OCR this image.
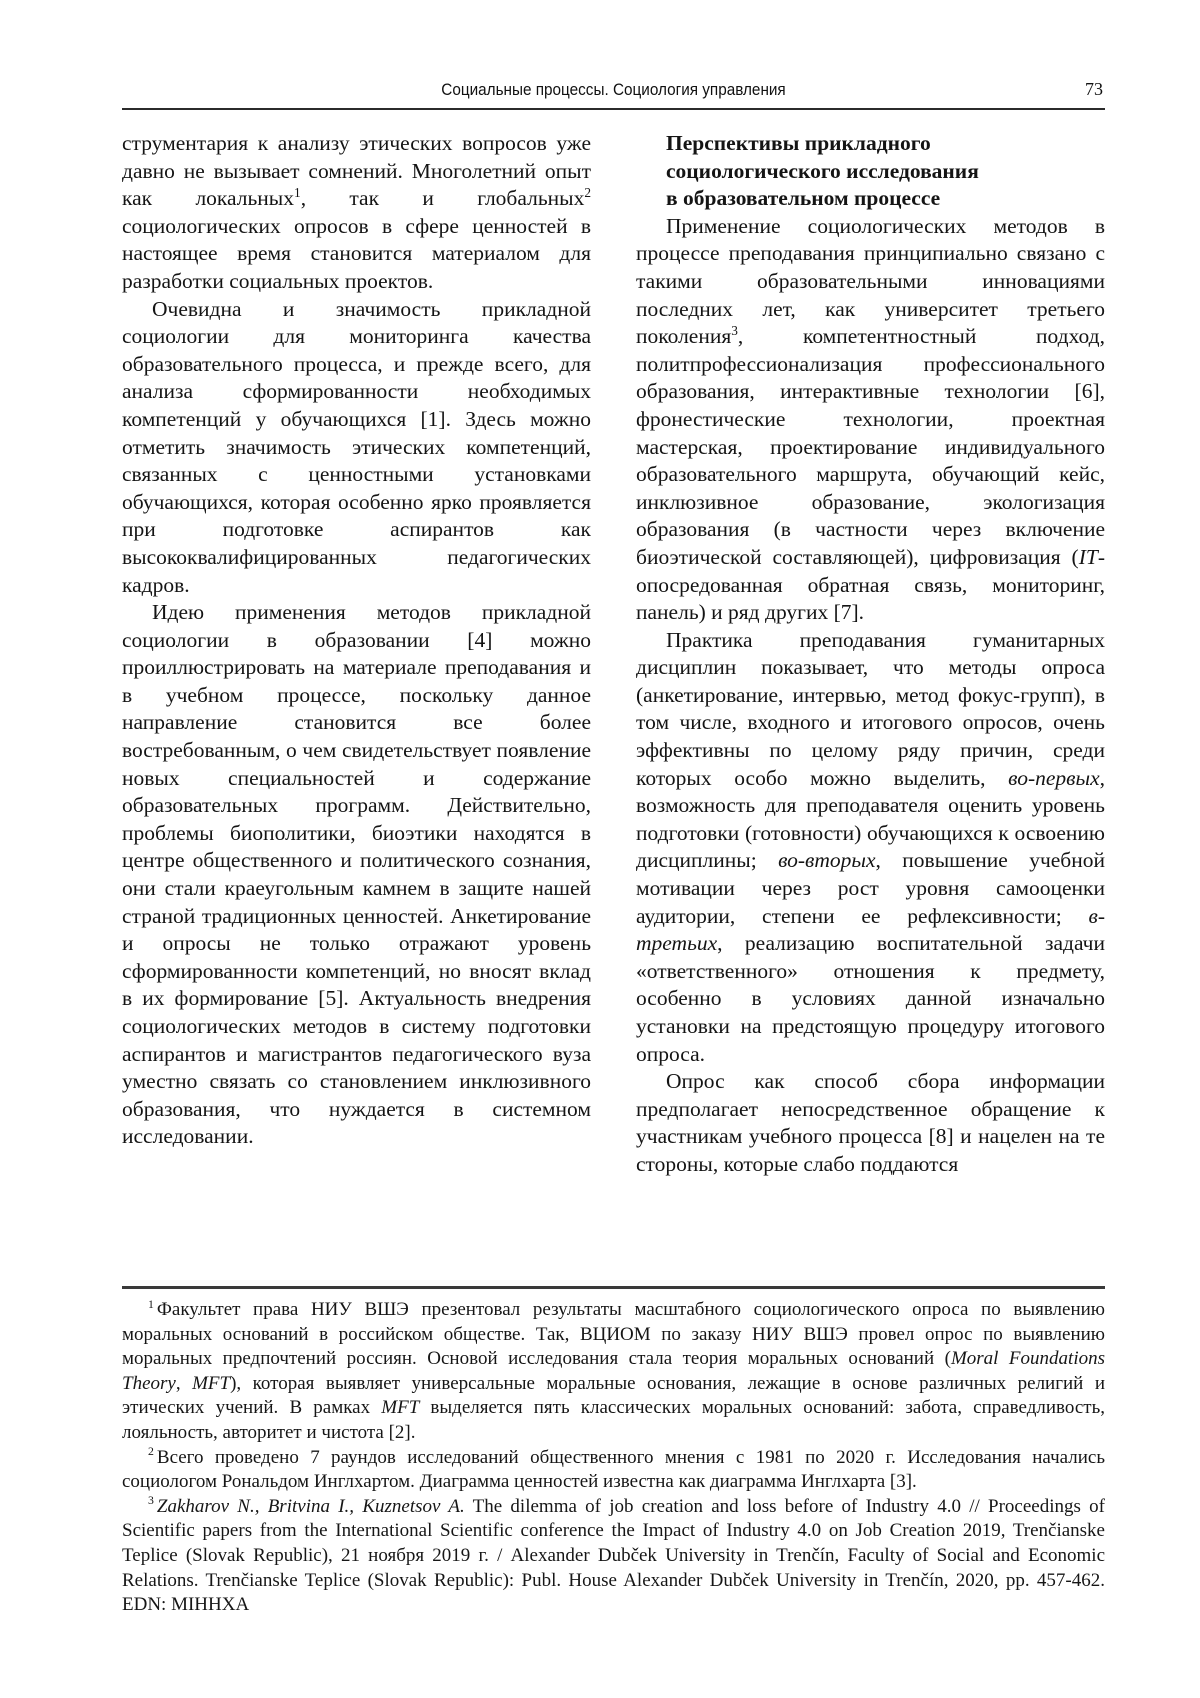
Социальные процессы. Социология управления	73

струментария к анализу этических вопросов уже давно не вызывает сомнений. Многолетний опыт как локальных$^1$, так и глобальных$^2$ социологических опросов в сфере ценностей в настоящее время становится материалом для разработки социальных проектов.

Очевидна и значимость прикладной социологии для мониторинга качества образовательного процесса, и прежде всего, для анализа сформированности необходимых компетенций у обучающихся [1]. Здесь можно отметить значимость этических компетенций, связанных с ценностными установками обучающихся, которая особенно ярко проявляется при подготовке аспирантов как высококвалифицированных педагогических кадров.

Идею применения методов прикладной социологии в образовании [4] можно проиллюстрировать на материале преподавания и в учебном процессе, поскольку данное направление становится все более востребованным, о чем свидетельствует появление новых специальностей и содержание образовательных программ. Действительно, проблемы биополитики, биоэтики находятся в центре общественного и политического сознания, они стали краеугольным камнем в защите нашей страной традиционных ценностей. Анкетирование и опросы не только отражают уровень сформированности компетенций, но вносят вклад в их формирование [5]. Актуальность внедрения социологических методов в систему подготовки аспирантов и магистрантов педагогического вуза уместно связать со становлением инклюзивного образования, что нуждается в системном исследовании.

Перспективы прикладного
социологического исследования
в образовательном процессе

Применение социологических методов в процессе преподавания принципиально связано с такими образовательными инновациями последних лет, как университет третьего поколения$^3$, компетентностный подход, политпрофессионализация профессионального образования, интерактивные технологии [6], фронестические технологии, проектная мастерская, проектирование индивидуального образовательного маршрута, обучающий кейс, инклюзивное образование, экологизация образования (в частности через включение биоэтической составляющей), цифровизация (IT-опосредованная обратная связь, мониторинг, панель) и ряд других [7].

Практика преподавания гуманитарных дисциплин показывает, что методы опроса (анкетирование, интервью, метод фокус-групп), в том числе, входного и итогового опросов, очень эффективны по целому ряду причин, среди которых особо можно выделить, во-первых, возможность для преподавателя оценить уровень подготовки (готовности) обучающихся к освоению дисциплины; во-вторых, повышение учебной мотивации через рост уровня самооценки аудитории, степени ее рефлексивности; в-третьих, реализацию воспитательной задачи «ответственного» отношения к предмету, особенно в условиях данной изначально установки на предстоящую процедуру итогового опроса.

Опрос как способ сбора информации предполагает непосредственное обращение к участникам учебного процесса [8] и нацелен на те стороны, которые слабо поддаются

$^1$ Факультет права НИУ ВШЭ презентовал результаты масштабного социологического опроса по выявлению моральных оснований в российском обществе. Так, ВЦИОМ по заказу НИУ ВШЭ провел опрос по выявлению моральных предпочтений россиян. Основой исследования стала теория моральных оснований (Moral Foundations Theory, MFT), которая выявляет универсальные моральные основания, лежащие в основе различных религий и этических учений. В рамках MFT выделяется пять классических моральных оснований: забота, справедливость, лояльность, авторитет и чистота [2].

$^2$ Всего проведено 7 раундов исследований общественного мнения с 1981 по 2020 г. Исследования начались социологом Рональдом Инглхартом. Диаграмма ценностей известна как диаграмма Инглхарта [3].

$^3$ Zakharov N., Britvina I., Kuznetsov A. The dilemma of job creation and loss before of Industry 4.0 // Proceedings of Scientific papers from the International Scientific conference the Impact of Industry 4.0 on Job Creation 2019, Trenčianske Teplice (Slovak Republic), 21 ноября 2019 г. / Alexander Dubček University in Trenčín, Faculty of Social and Economic Relations. Trenčianske Teplice (Slovak Republic): Publ. House Alexander Dubček University in Trenčín, 2020, pp. 457-462. EDN: MIHHXA
